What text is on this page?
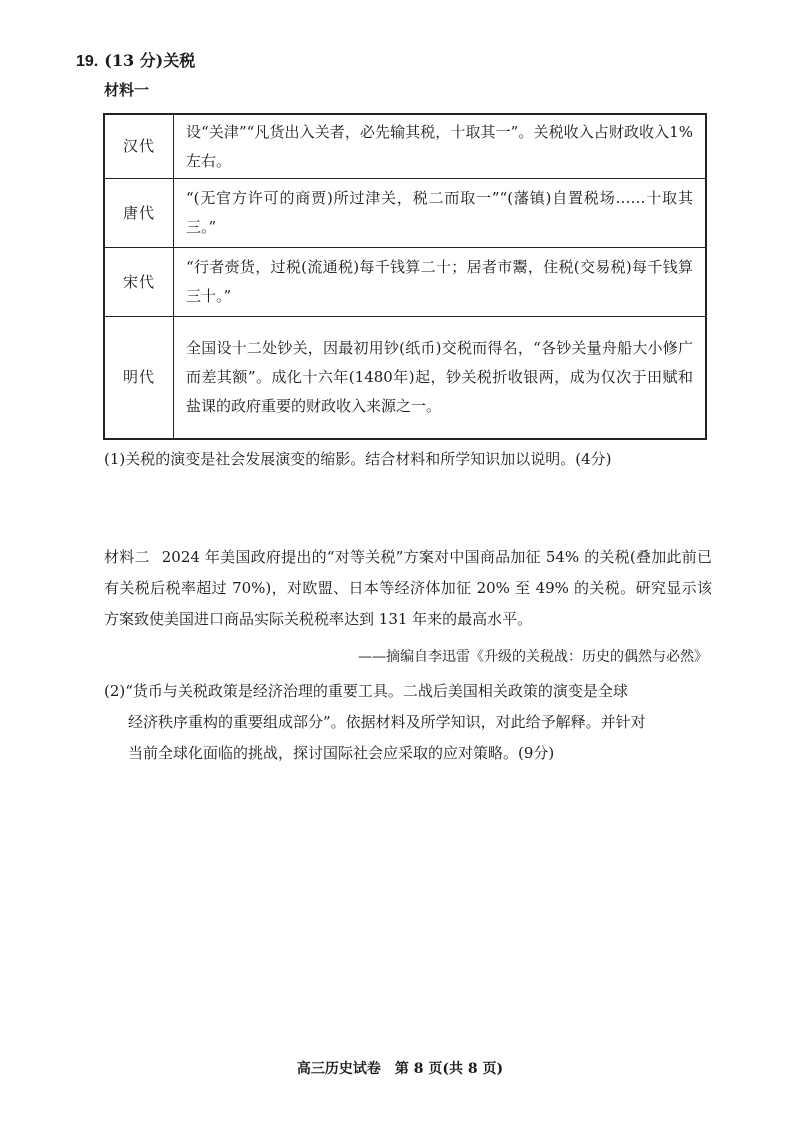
19. (13 分)关税
材料一
汉代	设“关津”“凡货出入关者，必先输其税，十取其一”。关税收入占财政收入1%左右。
唐代	“(无官方许可的商贾)所过津关，税二而取一”“(藩镇)自置税场……十取其三。”
宋代	“行者赍货，过税(流通税)每千钱算二十；居者市鬻，住税(交易税)每千钱算三十。”
明代	全国设十二处钞关，因最初用钞(纸币)交税而得名，“各钞关量舟船大小修广而差其额”。成化十六年(1480年)起，钞关税折收银两，成为仅次于田赋和盐课的政府重要的财政收入来源之一。
(1)关税的演变是社会发展演变的缩影。结合材料和所学知识加以说明。(4分)
材料二 2024 年美国政府提出的“对等关税”方案对中国商品加征 54% 的关税(叠加此前已有关税后税率超过 70%)，对欧盟、日本等经济体加征 20% 至 49% 的关税。研究显示该方案致使美国进口商品实际关税税率达到 131 年来的最高水平。
——摘编自李迅雷《升级的关税战：历史的偶然与必然》
(2)“货币与关税政策是经济治理的重要工具。二战后美国相关政策的演变是全球
经济秩序重构的重要组成部分”。依据材料及所学知识，对此给予解释。并针对
当前全球化面临的挑战，探讨国际社会应采取的应对策略。(9分)
高三历史试卷　第 8 页(共 8 页)
